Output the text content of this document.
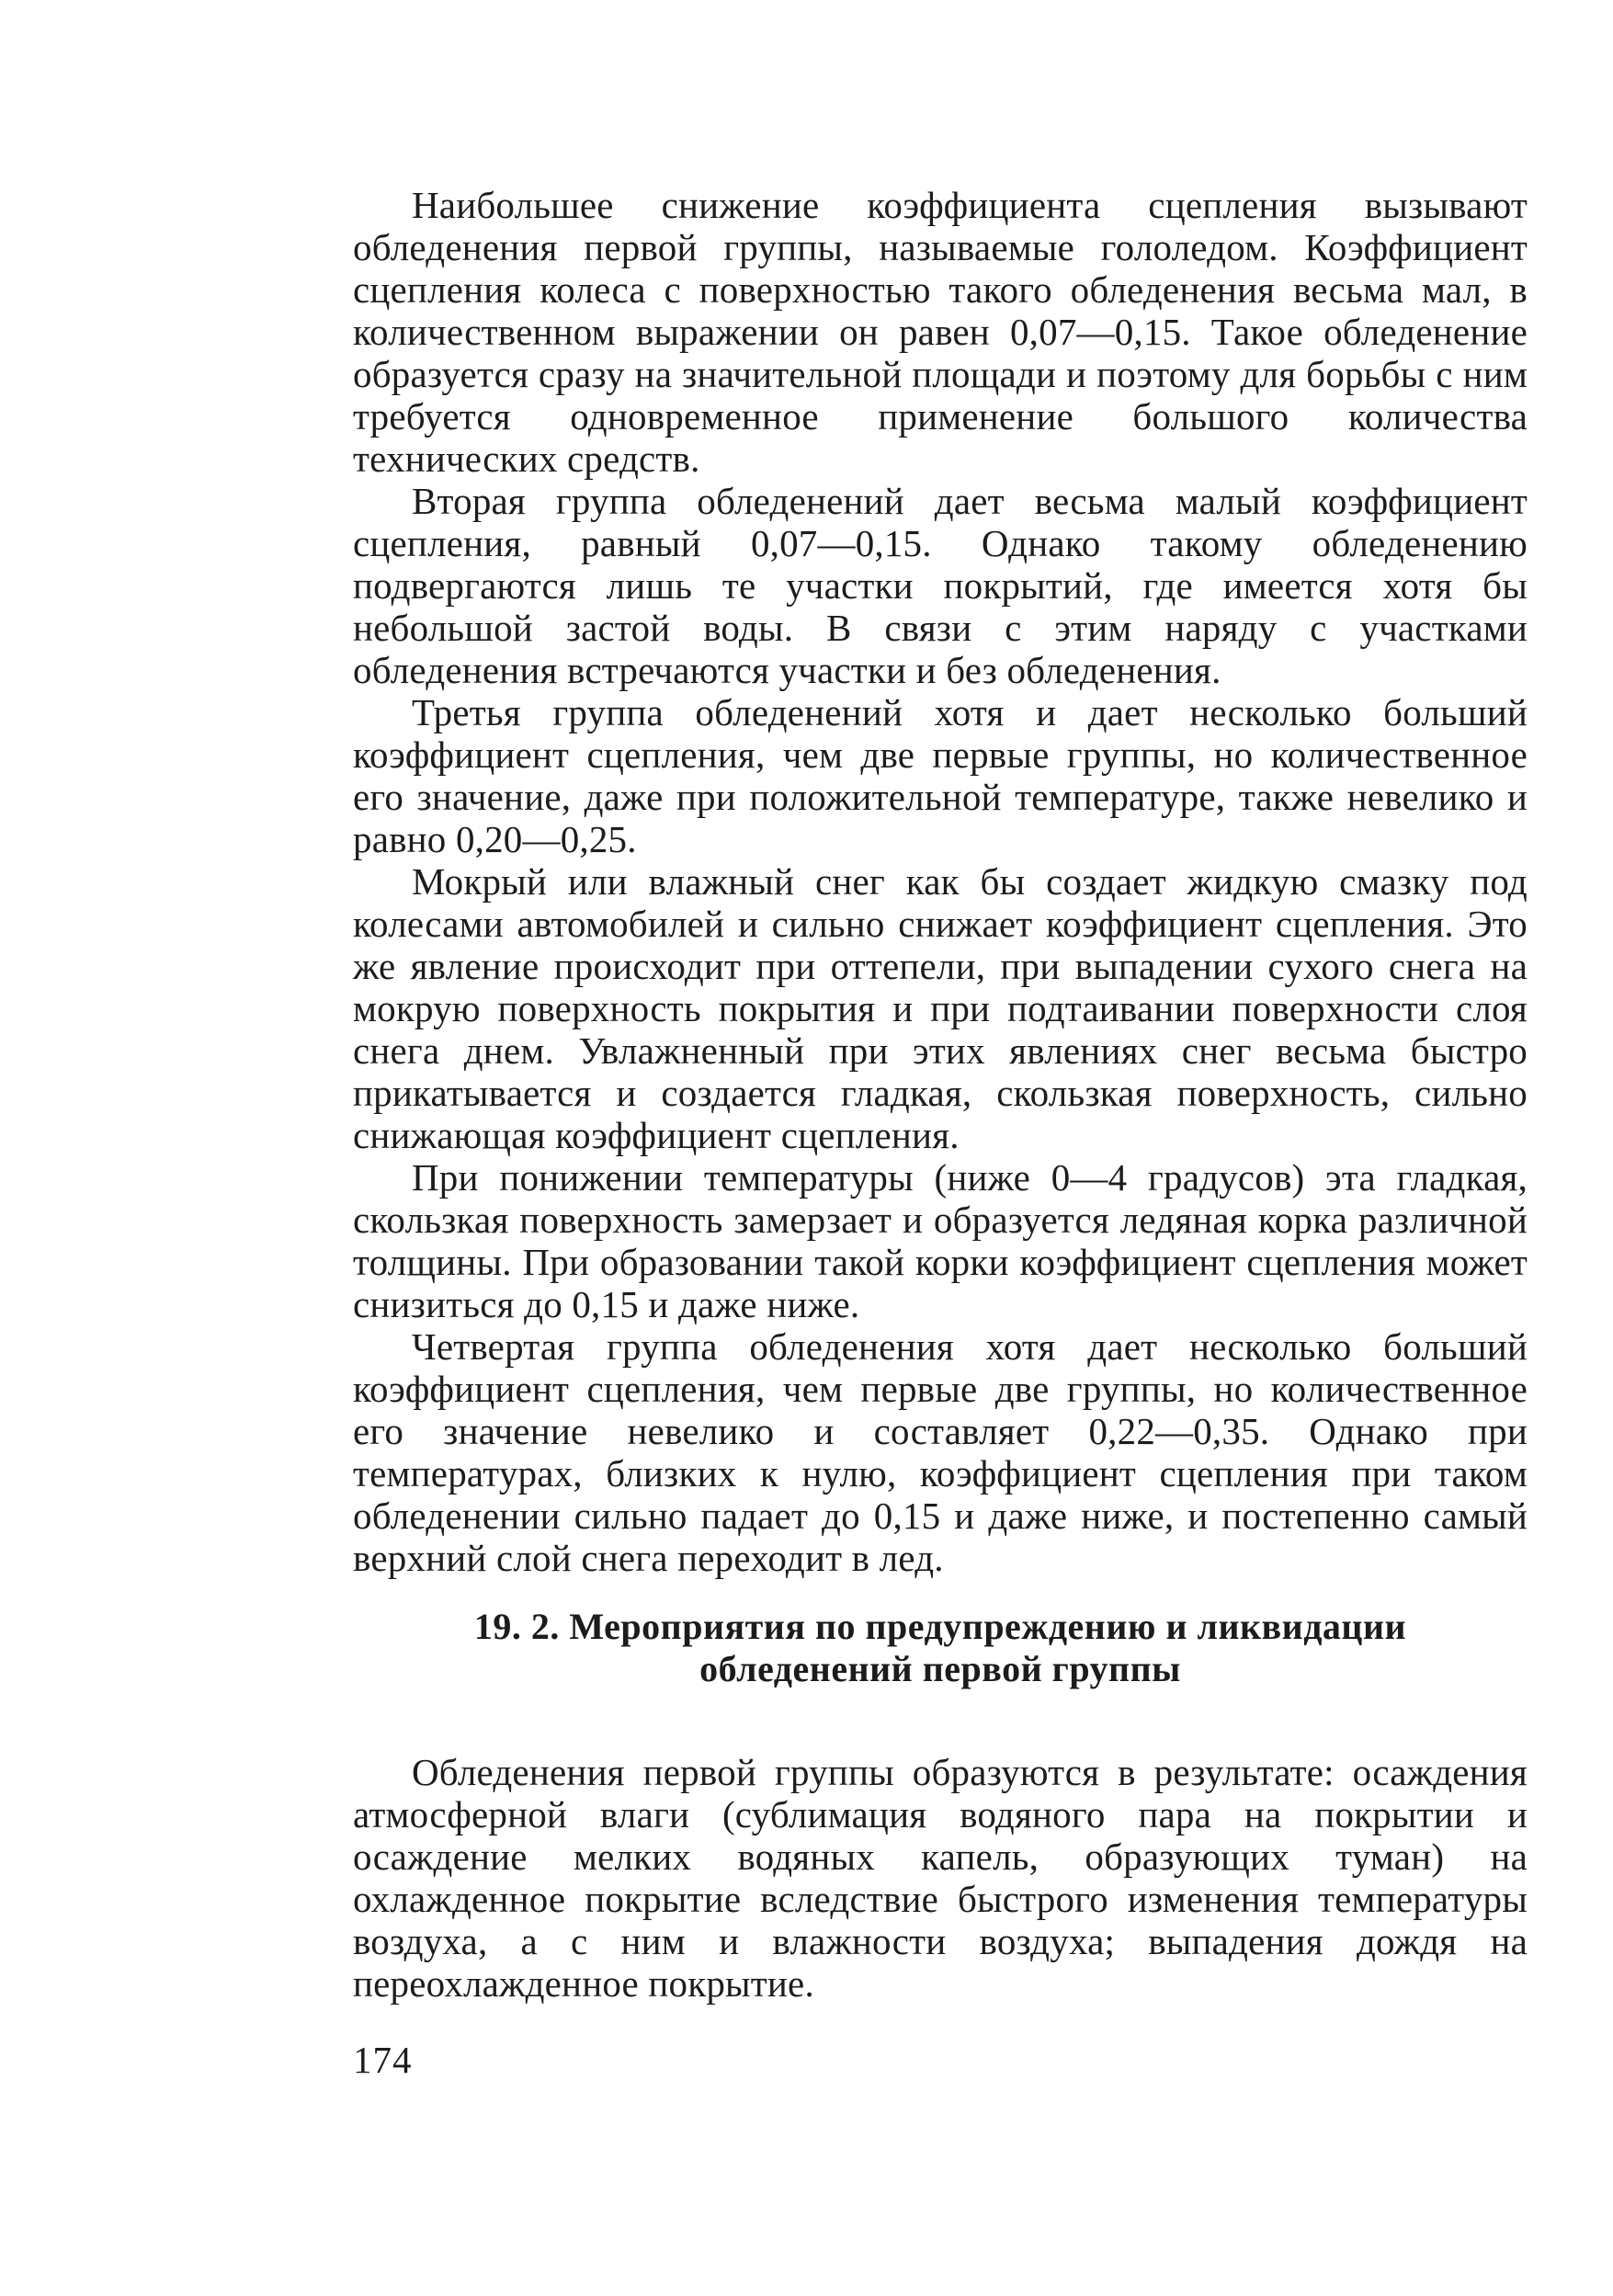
Наибольшее снижение коэффициента сцепления вызывают обледенения первой группы, называемые гололедом. Коэффициент сцепления колеса с поверхностью такого обледенения весьма мал, в количественном выражении он равен 0,07—0,15. Такое обледенение образуется сразу на значительной площади и поэтому для борьбы с ним требуется одновременное применение большого количества технических средств.

Вторая группа обледенений дает весьма малый коэффициент сцепления, равный 0,07—0,15. Однако такому обледенению подвергаются лишь те участки покрытий, где имеется хотя бы небольшой застой воды. В связи с этим наряду с участками обледенения встречаются участки и без обледенения.

Третья группа обледенений хотя и дает несколько больший коэффициент сцепления, чем две первые группы, но количественное его значение, даже при положительной температуре, также невелико и равно 0,20—0,25.

Мокрый или влажный снег как бы создает жидкую смазку под колесами автомобилей и сильно снижает коэффициент сцепления. Это же явление происходит при оттепели, при выпадении сухого снега на мокрую поверхность покрытия и при подтаивании поверхности слоя снега днем. Увлажненный при этих явлениях снег весьма быстро прикатывается и создается гладкая, скользкая поверхность, сильно снижающая коэффициент сцепления.

При понижении температуры (ниже 0—4 градусов) эта гладкая, скользкая поверхность замерзает и образуется ледяная корка различной толщины. При образовании такой корки коэффициент сцепления может снизиться до 0,15 и даже ниже.

Четвертая группа обледенения хотя дает несколько больший коэффициент сцепления, чем первые две группы, но количественное его значение невелико и составляет 0,22—0,35. Однако при температурах, близких к нулю, коэффициент сцепления при таком обледенении сильно падает до 0,15 и даже ниже, и постепенно самый верхний слой снега переходит в лед.

19. 2. Мероприятия по предупреждению и ликвидации
обледенений первой группы

Обледенения первой группы образуются в результате: осаждения атмосферной влаги (сублимация водяного пара на покрытии и осаждение мелких водяных капель, образующих туман) на охлажденное покрытие вследствие быстрого изменения температуры воздуха, а с ним и влажности воздуха; выпадения дождя на переохлажденное покрытие.

174
